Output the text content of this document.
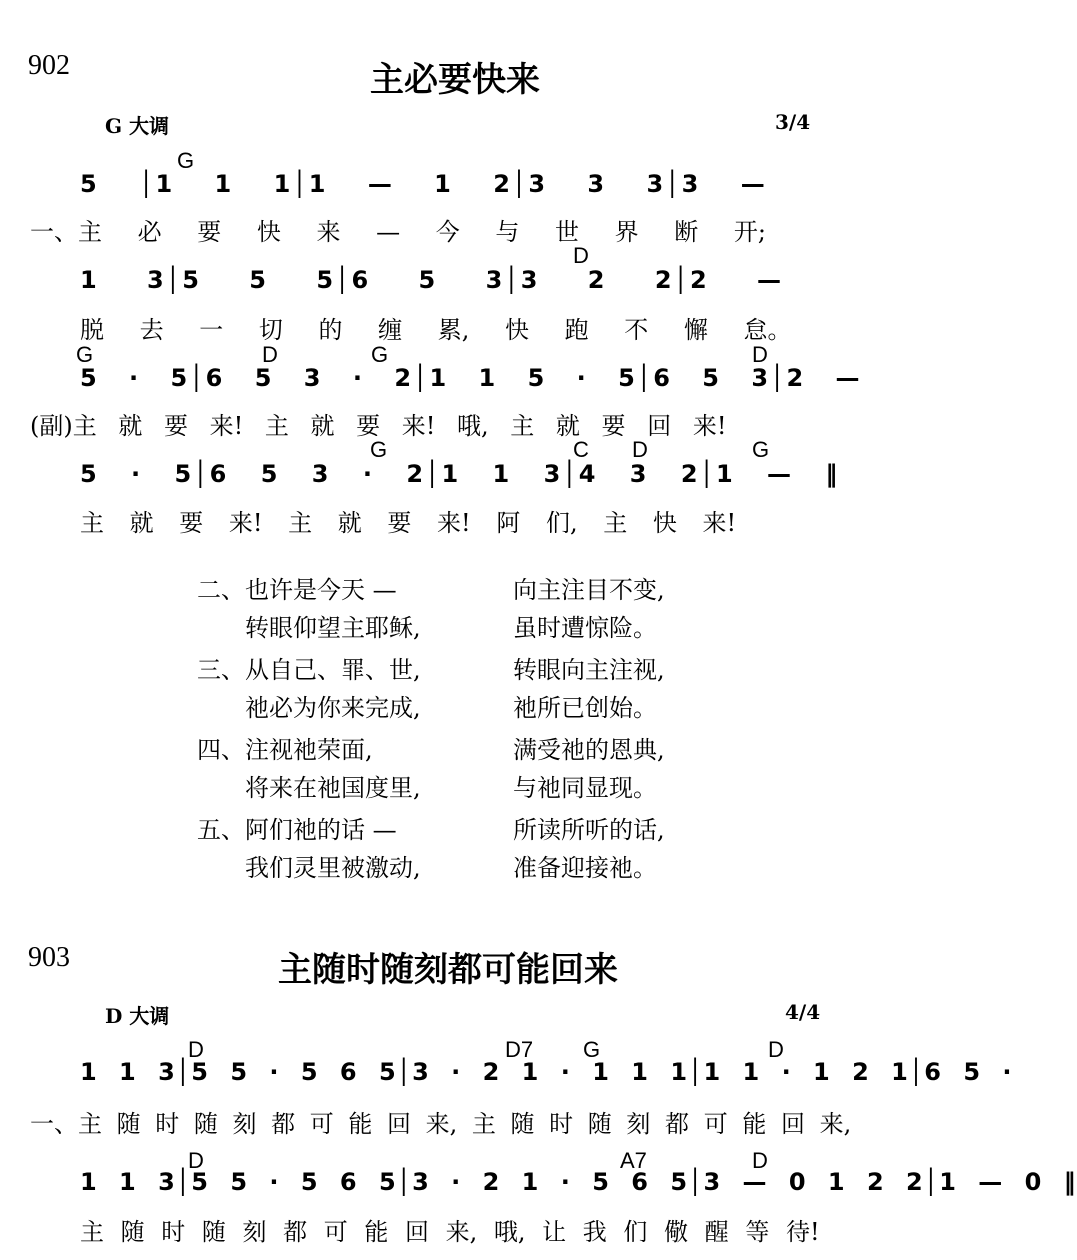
902	主必要快来
G 大调	3/4
G
D
G	D	G	D
G	C D	G
5 │1 1 1│1 — 1 2│3 3 3│3 —
一、主 必 要 快 来 — 今 与 世 界 断 开;
1 3│5 5 5│6 5 3│3 2 2│2 —
脱 去 一 切 的 缠 累, 快 跑 不 懈 怠。
5 · 5│6 5 3 · 2│1 1 5 · 5│6 5 3│2 —
(副)主 就 要 来! 主 就 要 来! 哦, 主 就 要 回 来!
5 · 5│6 5 3 · 2│1 1 3│4 3 2│1 — ‖
主 就 要 来! 主 就 要 来! 阿 们, 主 快 来!
二、也许是今天 —	向主注目不变,
转眼仰望主耶稣,	虽时遭惊险。
三、从自己、罪、世,	转眼向主注视,
祂必为你来完成,	祂所已创始。
四、注视祂荣面,	满受祂的恩典,
将来在祂国度里,	与祂同显现。
五、阿们祂的话 —	所读所听的话,
我们灵里被激动,	准备迎接祂。
903	主随时随刻都可能回来
D 大调	4/4
D	D7 G	D
D	A7	D
1 1 3│5 5 · 5 6 5│3 · 2 1 · 1 1 1│1 1 · 1 2 1│6 5 ·
一、主 随 时 随 刻 都 可 能 回 来, 主 随 时 随 刻 都 可 能 回 来,
1 1 3│5 5 · 5 6 5│3 · 2 1 · 5 6 5│3 — 0 1 2 2│1 — 0 ‖
主 随 时 随 刻 都 可 能 回 来, 哦, 让 我 们 儆 醒 等 待!
